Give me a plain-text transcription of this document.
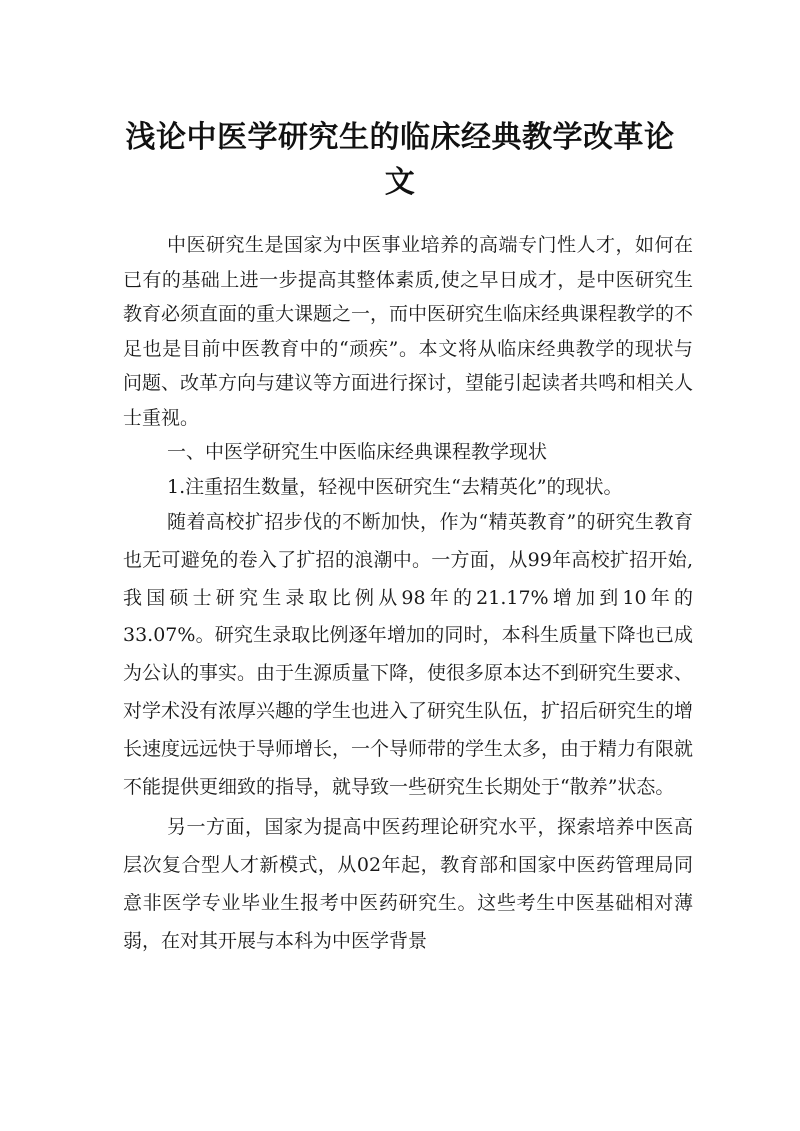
浅论中医学研究生的临床经典教学改革论
文

中医研究生是国家为中医事业培养的高端专门性人才，如何在已有的基础上进一步提高其整体素质,使之早日成才，是中医研究生教育必须直面的重大课题之一，而中医研究生临床经典课程教学的不足也是目前中医教育中的“顽疾”。本文将从临床经典教学的现状与问题、改革方向与建议等方面进行探讨，望能引起读者共鸣和相关人士重视。

一、中医学研究生中医临床经典课程教学现状

1.注重招生数量，轻视中医研究生“去精英化”的现状。

随着高校扩招步伐的不断加快，作为“精英教育”的研究生教育也无可避免的卷入了扩招的浪潮中。一方面，从99年高校扩招开始,我国硕士研究生录取比例从98年的21.17%增加到10年的33.07%。研究生录取比例逐年增加的同时，本科生质量下降也已成为公认的事实。由于生源质量下降，使很多原本达不到研究生要求、对学术没有浓厚兴趣的学生也进入了研究生队伍，扩招后研究生的增长速度远远快于导师增长，一个导师带的学生太多，由于精力有限就不能提供更细致的指导，就导致一些研究生长期处于“散养”状态。

另一方面，国家为提高中医药理论研究水平，探索培养中医高层次复合型人才新模式，从02年起，教育部和国家中医药管理局同意非医学专业毕业生报考中医药研究生。这些考生中医基础相对薄弱，在对其开展与本科为中医学背景
